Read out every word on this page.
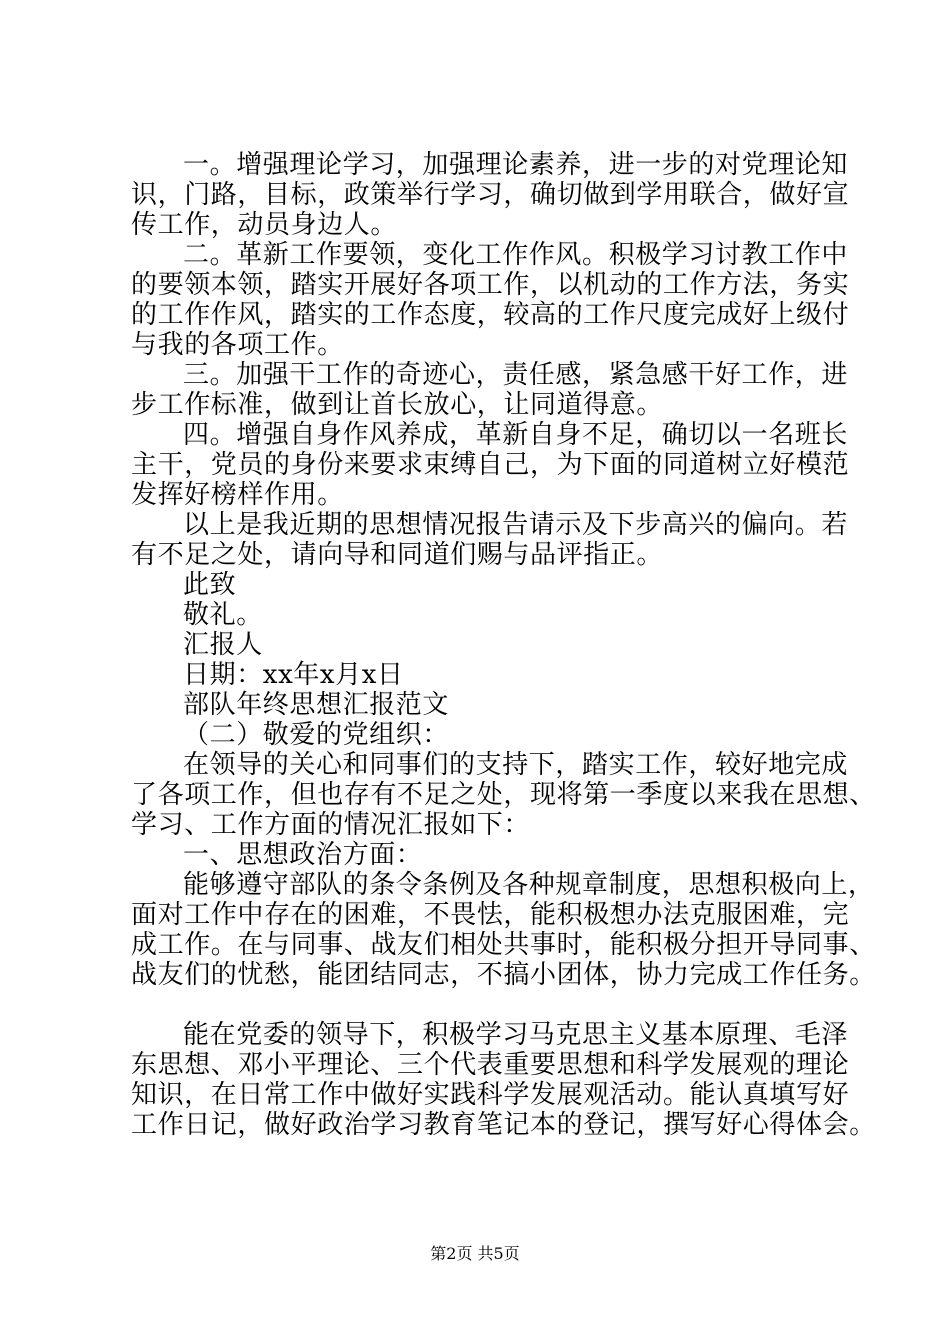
一。增强理论学习，加强理论素养，进一步的对党理论知
识，门路，目标，政策举行学习，确切做到学用联合，做好宣
传工作，动员身边人。
二。革新工作要领，变化工作作风。积极学习讨教工作中
的要领本领，踏实开展好各项工作，以机动的工作方法，务实
的工作作风，踏实的工作态度，较高的工作尺度完成好上级付
与我的各项工作。
三。加强干工作的奇迹心，责任感，紧急感干好工作，进
步工作标准，做到让首长放心，让同道得意。
四。增强自身作风养成，革新自身不足，确切以一名班长
主干，党员的身份来要求束缚自己，为下面的同道树立好模范
发挥好榜样作用。
以上是我近期的思想情况报告请示及下步高兴的偏向。若
有不足之处，请向导和同道们赐与品评指正。
此致
敬礼。
汇报人
日期：xx年x月x日
部队年终思想汇报范文
（二）敬爱的党组织：
在领导的关心和同事们的支持下，踏实工作，较好地完成
了各项工作，但也存有不足之处，现将第一季度以来我在思想、
学习、工作方面的情况汇报如下：
一、思想政治方面：
能够遵守部队的条令条例及各种规章制度，思想积极向上，
面对工作中存在的困难，不畏怯，能积极想办法克服困难，完
成工作。在与同事、战友们相处共事时，能积极分担开导同事、
战友们的忧愁，能团结同志，不搞小团体，协力完成工作任务。
能在党委的领导下，积极学习马克思主义基本原理、毛泽
东思想、邓小平理论、三个代表重要思想和科学发展观的理论
知识，在日常工作中做好实践科学发展观活动。能认真填写好
工作日记，做好政治学习教育笔记本的登记，撰写好心得体会。
第2页 共5页
